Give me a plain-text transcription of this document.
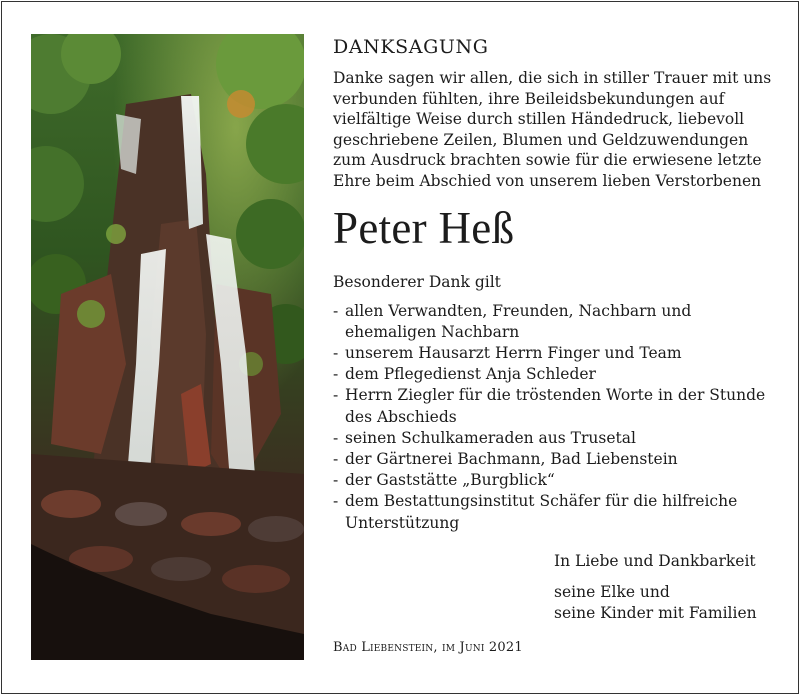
DANKSAGUNG
Danke sagen wir allen, die sich in stiller Trauer mit uns
verbunden fühlten, ihre Beileidsbekundungen auf
vielfältige Weise durch stillen Händedruck, liebevoll
geschriebene Zeilen, Blumen und Geldzuwendungen
zum Ausdruck brachten sowie für die erwiesene letzte
Ehre beim Abschied von unserem lieben Verstorbenen
Peter Heß
Besonderer Dank gilt
- allen Verwandten, Freunden, Nachbarn und ehemaligen Nachbarn
- unserem Hausarzt Herrn Finger und Team
- dem Pflegedienst Anja Schleder
- Herrn Ziegler für die tröstenden Worte in der Stunde des Abschieds
- seinen Schulkameraden aus Trusetal
- der Gärtnerei Bachmann, Bad Liebenstein
- der Gaststätte „Burgblick“
- dem Bestattungsinstitut Schäfer für die hilfreiche Unterstützung
In Liebe und Dankbarkeit
seine Elke und
seine Kinder mit Familien
Bad Liebenstein, im Juni 2021
